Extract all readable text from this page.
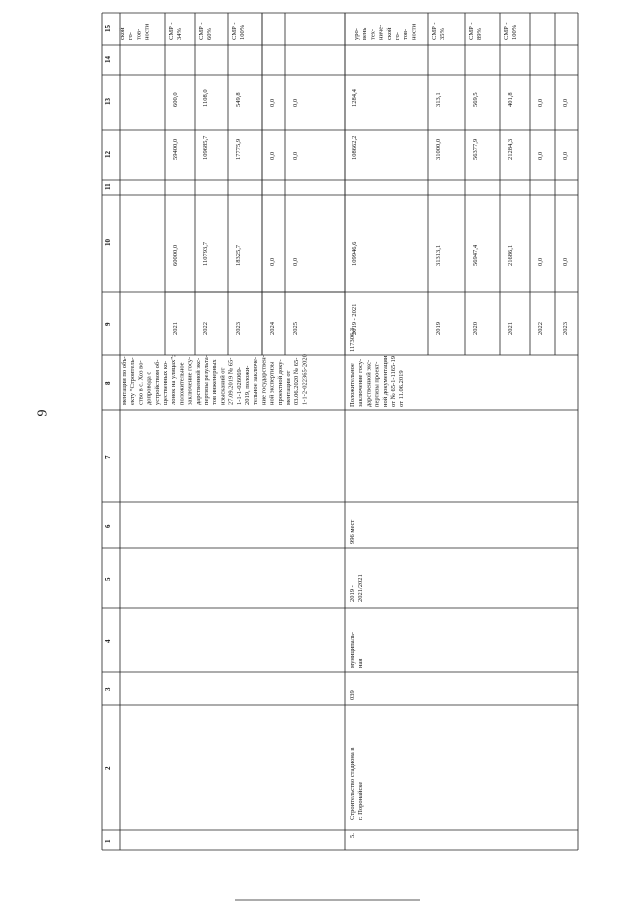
9
1
2
3
4
5
6
7
8
9
10
11
12
13
14
15
ментации по объ- екту “Строитель- ство в с. Хоз во- допровода с устройством об- щественных ко- лонок на улицах”; положительное заключение госу- дарственной экс- пертизы результа- тов инженерных изысканий от 27.09.2019 № 65- 1-1-1-026069- 2019, положи- тельное заключе- ние государствен- ной экспертизы проектной доку- ментации от 03.06.2020 № 65- 1-1-2-022365-2020
ской го- тов- ности
2021
60000,0
59400,0
600,0
СМР - 34%
2022
110793,7
109685,7
1108,0
СМР - 60%
2023
18325,7
17775,9
549,8
СМР - 100%
2024
0,0
0,0
0,0
2025
0,0
0,0
0,0
5.
Строительство стадиона в г. Поронайске
039
муниципаль- ная
2019 - 2021/2021
996 мест
Положительное заключение госу- дарственной экс- пертизы проект- ной документации от № 65-1-1165-19 от 11.06.2019
117306,3
уро- вень тех- ниче- ской го- тов- ности
2019 - 2021
109946,6
108662,2
1284,4
2019
31313,1
31000,0
313,1
СМР - 35%
2020
56947,4
56377,9
569,5
СМР - 89%
2021
21686,1
21284,3
401,8
СМР - 100%
2022
0,0
0,0
0,0
2023
0,0
0,0
0,0
